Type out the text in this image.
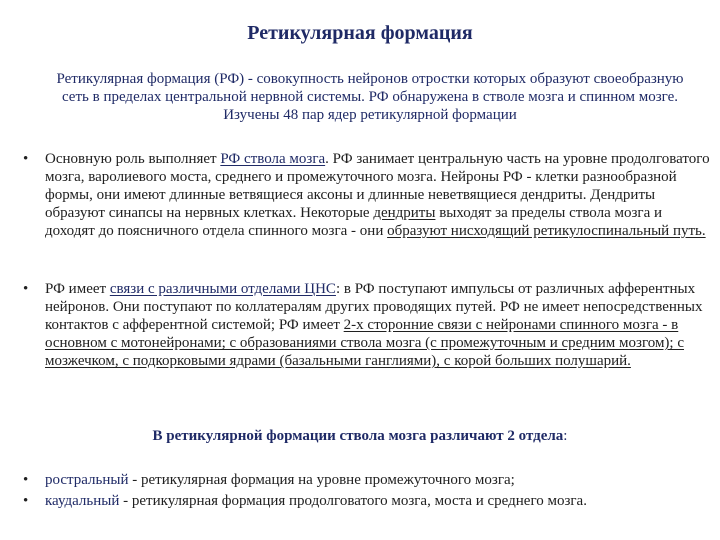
Ретикулярная формация
Ретикулярная формация (РФ) - совокупность нейронов отростки которых образуют своеобразную сеть в пределах центральной нервной системы. РФ обнаружена в стволе мозга и спинном мозге. Изучены 48 пар ядер ретикулярной формации
• Основную роль выполняет РФ ствола мозга. РФ занимает центральную часть на уровне продолговатого мозга, варолиевого моста, среднего и промежуточного мозга. Нейроны РФ - клетки разнообразной формы, они имеют длинные ветвящиеся аксоны и длинные неветвящиеся дендриты. Дендриты образуют синапсы на нервных клетках. Некоторые дендриты выходят за пределы ствола мозга и доходят до поясничного отдела спинного мозга - они образуют нисходящий ретикулоспинальный путь.
• РФ имеет связи с различными отделами ЦНС: в РФ поступают импульсы от различных афферентных нейронов. Они поступают по коллатералям других проводящих путей. РФ не имеет непосредственных контактов с афферентной системой; РФ имеет 2-х сторонние связи с нейронами спинного мозга - в основном с мотонейронами; с образованиями ствола мозга (с промежуточным и средним мозгом); с мозжечком, с подкорковыми ядрами (базальными ганглиями), с корой больших полушарий.
В ретикулярной формации ствола мозга различают 2 отдела:
• ростральный - ретикулярная формация на уровне промежуточного мозга;
• каудальный - ретикулярная формация продолговатого мозга, моста и среднего мозга.
